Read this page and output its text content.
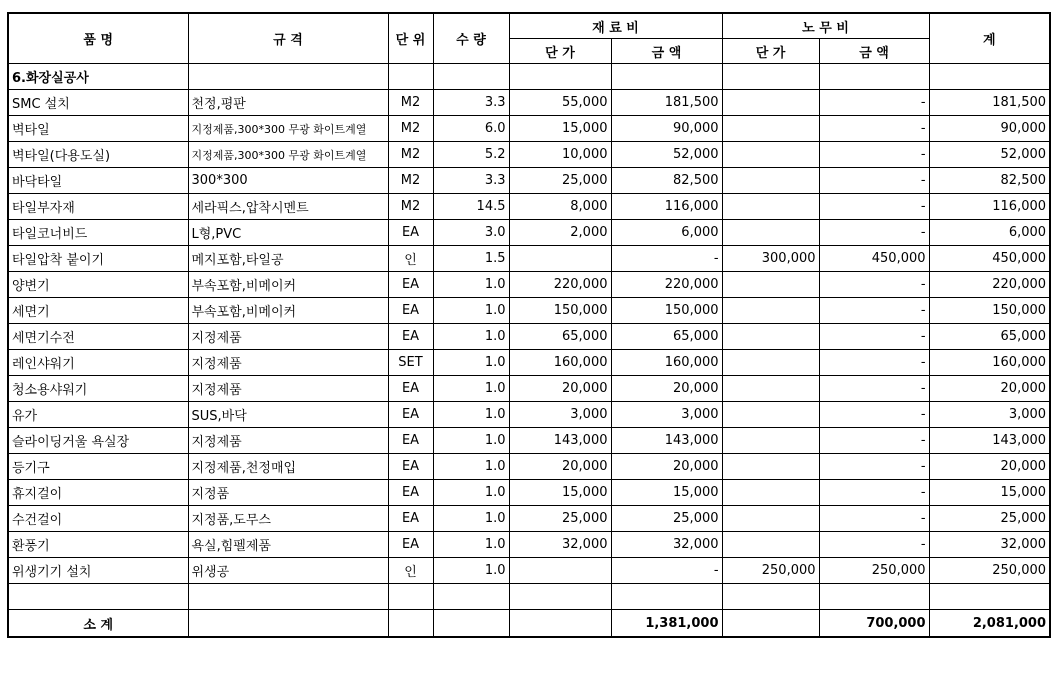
품 명	규 격	단 위	수 량	재 료 비		노 무 비		계
				단 가	금 액	단 가	금 액	
6.화장실공사								
SMC 설치	천정,평판	M2	3.3	55,000	181,500		-	181,500
벽타일	지정제품,300*300 무광 화이트계열	M2	6.0	15,000	90,000		-	90,000
벽타일(다용도실)	지정제품,300*300 무광 화이트계열	M2	5.2	10,000	52,000		-	52,000
바닥타일	300*300	M2	3.3	25,000	82,500		-	82,500
타일부자재	세라픽스,압착시멘트	M2	14.5	8,000	116,000		-	116,000
타일코너비드	L형,PVC	EA	3.0	2,000	6,000		-	6,000
타일압착 붙이기	메지포함,타일공	인	1.5		-	300,000	450,000	450,000
양변기	부속포함,비메이커	EA	1.0	220,000	220,000		-	220,000
세면기	부속포함,비메이커	EA	1.0	150,000	150,000		-	150,000
세면기수전	지정제품	EA	1.0	65,000	65,000		-	65,000
레인샤워기	지정제품	SET	1.0	160,000	160,000		-	160,000
청소용샤워기	지정제품	EA	1.0	20,000	20,000		-	20,000
유가	SUS,바닥	EA	1.0	3,000	3,000		-	3,000
슬라이딩거울 욕실장	지정제품	EA	1.0	143,000	143,000		-	143,000
등기구	지정제품,천정매입	EA	1.0	20,000	20,000		-	20,000
휴지걸이	지정품	EA	1.0	15,000	15,000		-	15,000
수건걸이	지정품,도무스	EA	1.0	25,000	25,000		-	25,000
환풍기	욕실,힘펠제품	EA	1.0	32,000	32,000		-	32,000
위생기기 설치	위생공	인	1.0		-	250,000	250,000	250,000

소 계					1,381,000		700,000	2,081,000
